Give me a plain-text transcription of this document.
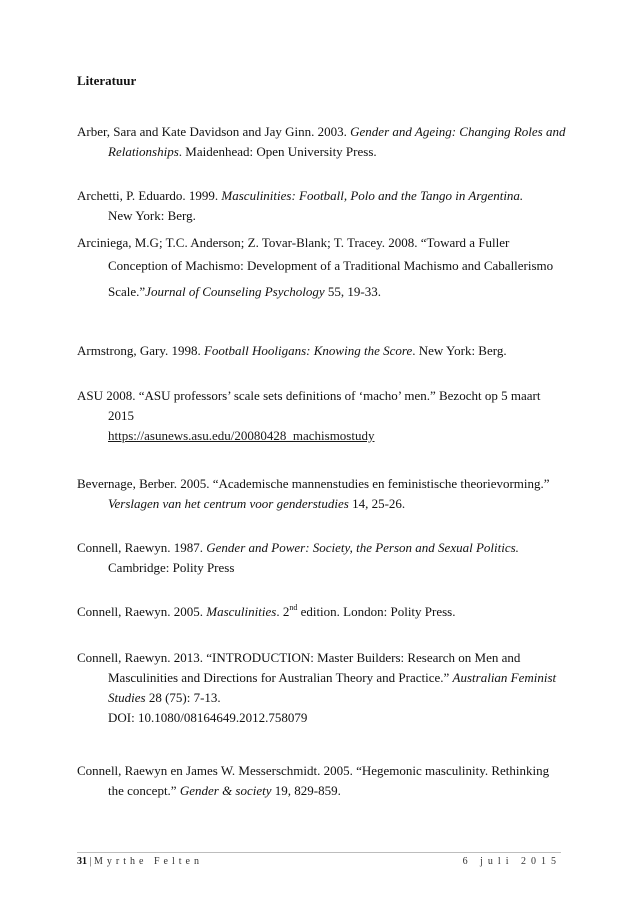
Literatuur
Arber, Sara and Kate Davidson and Jay Ginn. 2003. Gender and Ageing: Changing Roles and
Relationships. Maidenhead: Open University Press.
Archetti, P. Eduardo. 1999. Masculinities: Football, Polo and the Tango in Argentina.
New York: Berg.
Arciniega, M.G; T.C. Anderson; Z. Tovar-Blank; T. Tracey. 2008. “Toward a Fuller
Conception of Machismo: Development of a Traditional Machismo and Caballerismo
Scale.”Journal of Counseling Psychology 55, 19-33.
Armstrong, Gary. 1998. Football Hooligans: Knowing the Score. New York: Berg.
ASU 2008. “ASU professors’ scale sets definitions of ‘macho’ men.” Bezocht op 5 maart
2015
https://asunews.asu.edu/20080428_machismostudy
Bevernage, Berber. 2005. “Academische mannenstudies en feministische theorievorming.”
Verslagen van het centrum voor genderstudies 14, 25-26.
Connell, Raewyn. 1987. Gender and Power: Society, the Person and Sexual Politics.
Cambridge: Polity Press
Connell, Raewyn. 2005. Masculinities. 2nd edition. London: Polity Press.
Connell, Raewyn. 2013. “INTRODUCTION: Master Builders: Research on Men and
Masculinities and Directions for Australian Theory and Practice.” Australian Feminist
Studies 28 (75): 7-13.
DOI: 10.1080/08164649.2012.758079
Connell, Raewyn en James W. Messerschmidt. 2005. “Hegemonic masculinity. Rethinking
the concept.” Gender & society 19, 829-859.
31 | Myrthe Felten	6 juli 2015
